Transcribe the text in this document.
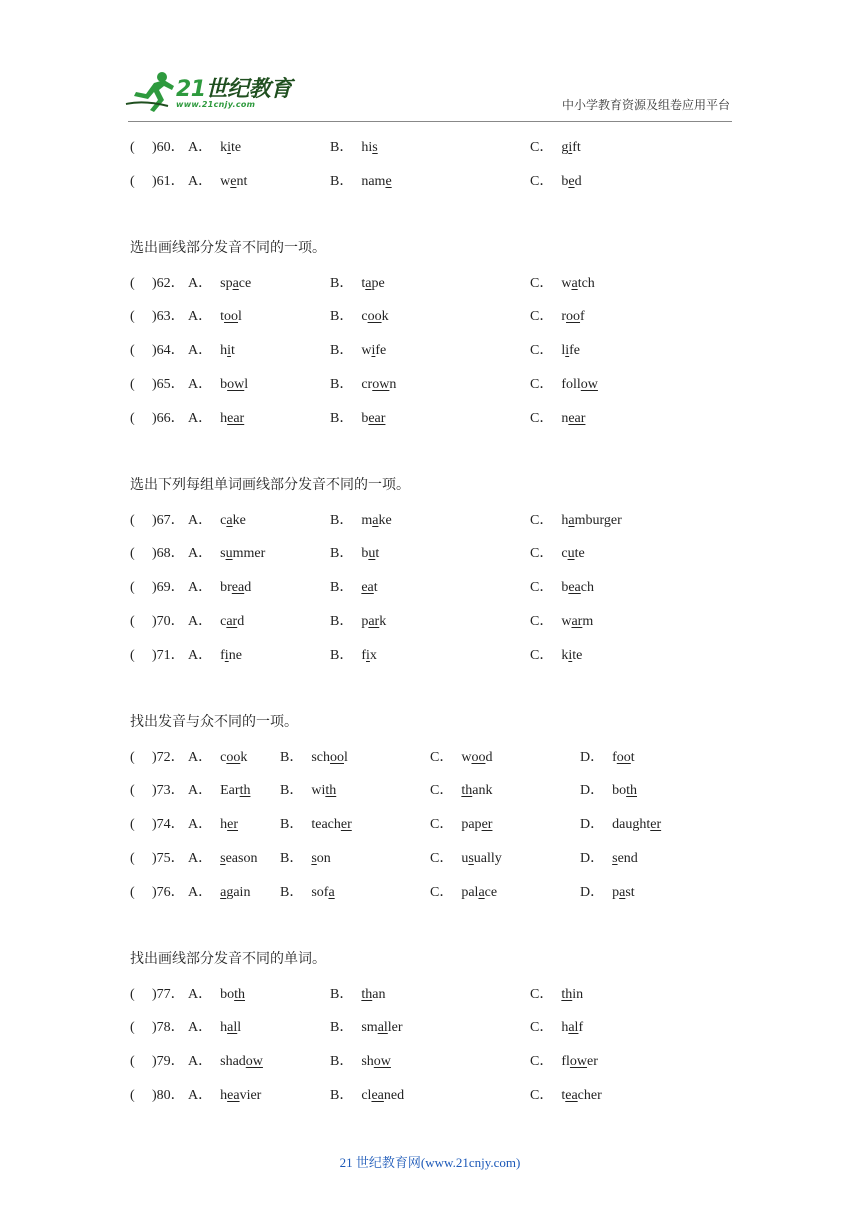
21世纪教育
www.21cnjy.com	中小学教育资源及组卷应用平台
( )60． A． kite	B． his	C． gift
( )61． A． went	B． name	C． bed
选出画线部分发音不同的一项。
( )62． A． space	B． tape	C． watch
( )63． A． tool	B． cook	C． roof
( )64． A． hit	B． wife	C． life
( )65． A． bowl	B． crown	C． follow
( )66． A． hear	B． bear	C． near
选出下列每组单词画线部分发音不同的一项。
( )67． A． cake	B． make	C． hamburger
( )68． A． summer	B． but	C． cute
( )69． A． bread	B． eat	C． beach
( )70． A． card	B． park	C． warm
( )71． A． fine	B． fix	C． kite
找出发音与众不同的一项。
( )72． A． cook B． school	C． wood	D． foot
( )73． A． Earth B． with	C． thank	D． both
( )74． A． her	B． teacher	C． paper	D． daughter
( )75． A． season B． son	C． usually	D． send
( )76． A． again B． sofa	C． palace	D． past
找出画线部分发音不同的单词。
( )77． A． both	B． than	C． thin
( )78． A． hall	B． smaller	C． half
( )79． A． shadow	B． show	C． flower
( )80． A． heavier	B． cleaned	C． teacher
21 世纪教育网(www.21cnjy.com)
